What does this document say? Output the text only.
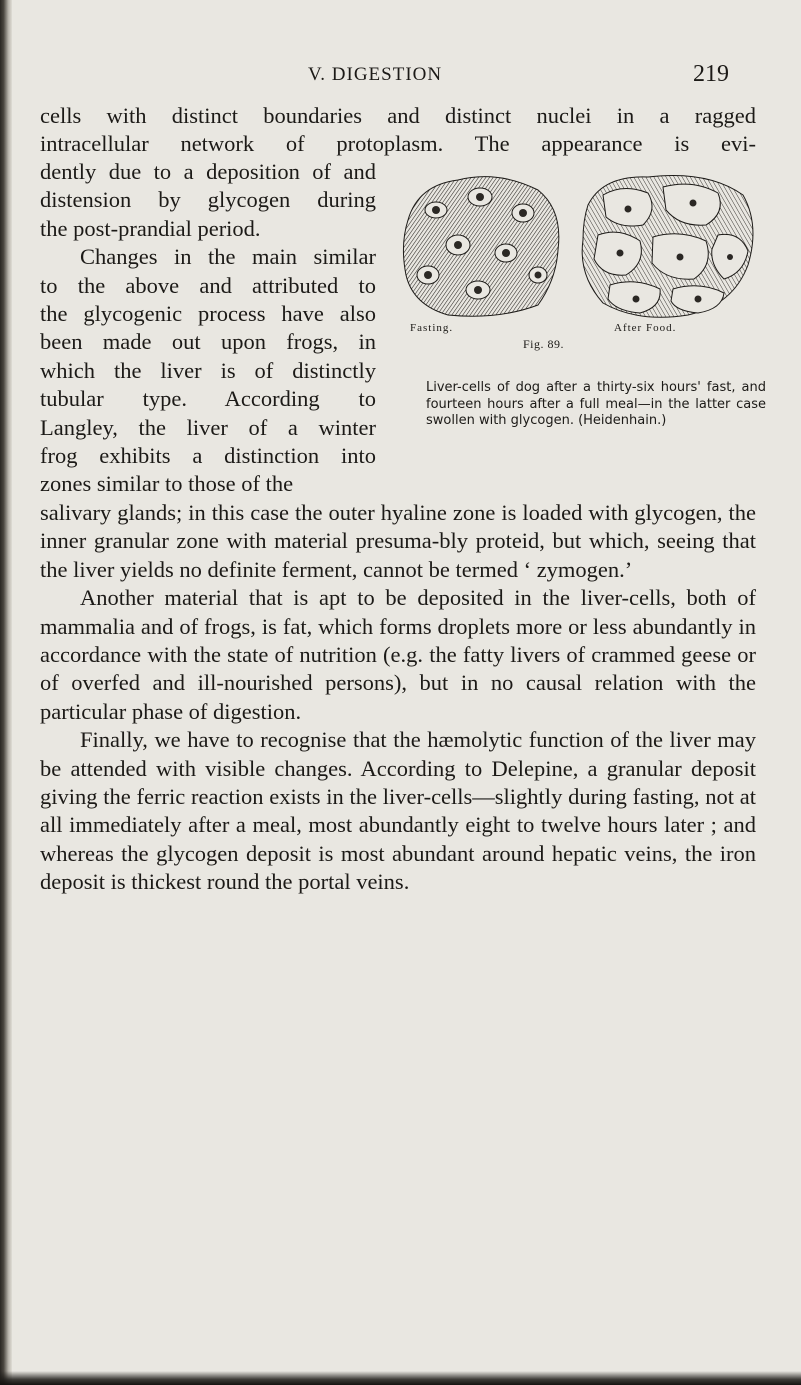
V. DIGESTION	219
cells with distinct boundaries and distinct nuclei in a ragged
intracellular network of protoplasm. The appearance is evi-
dently due to a deposition of and
distension by glycogen during
the post-prandial period.
Changes in the main similar
to the above and attributed to
the glycogenic process have also
been made out upon frogs, in
which the liver is of distinctly
tubular type. According to
Langley, the liver of a winter
frog exhibits a distinction into
zones similar to those of the
Fasting.	After Food.
Fig. 89.
Liver-cells of dog after a thirty-six hours' fast, and fourteen hours after a full meal—in the latter case swollen with glycogen. (Heidenhain.)

salivary glands; in this case the outer hyaline zone is loaded with glycogen, the inner granular zone with material presuma-bly proteid, but which, seeing that the liver yields no definite ferment, cannot be termed ‘ zymogen.’

Another material that is apt to be deposited in the liver-cells, both of mammalia and of frogs, is fat, which forms droplets more or less abundantly in accordance with the state of nutrition (e.g. the fatty livers of crammed geese or of overfed and ill-nourished persons), but in no causal relation with the particular phase of digestion.

Finally, we have to recognise that the hæmolytic function of the liver may be attended with visible changes. According to Delepine, a granular deposit giving the ferric reaction exists in the liver-cells—slightly during fasting, not at all immediately after a meal, most abundantly eight to twelve hours later ; and whereas the glycogen deposit is most abundant around hepatic veins, the iron deposit is thickest round the portal veins.
